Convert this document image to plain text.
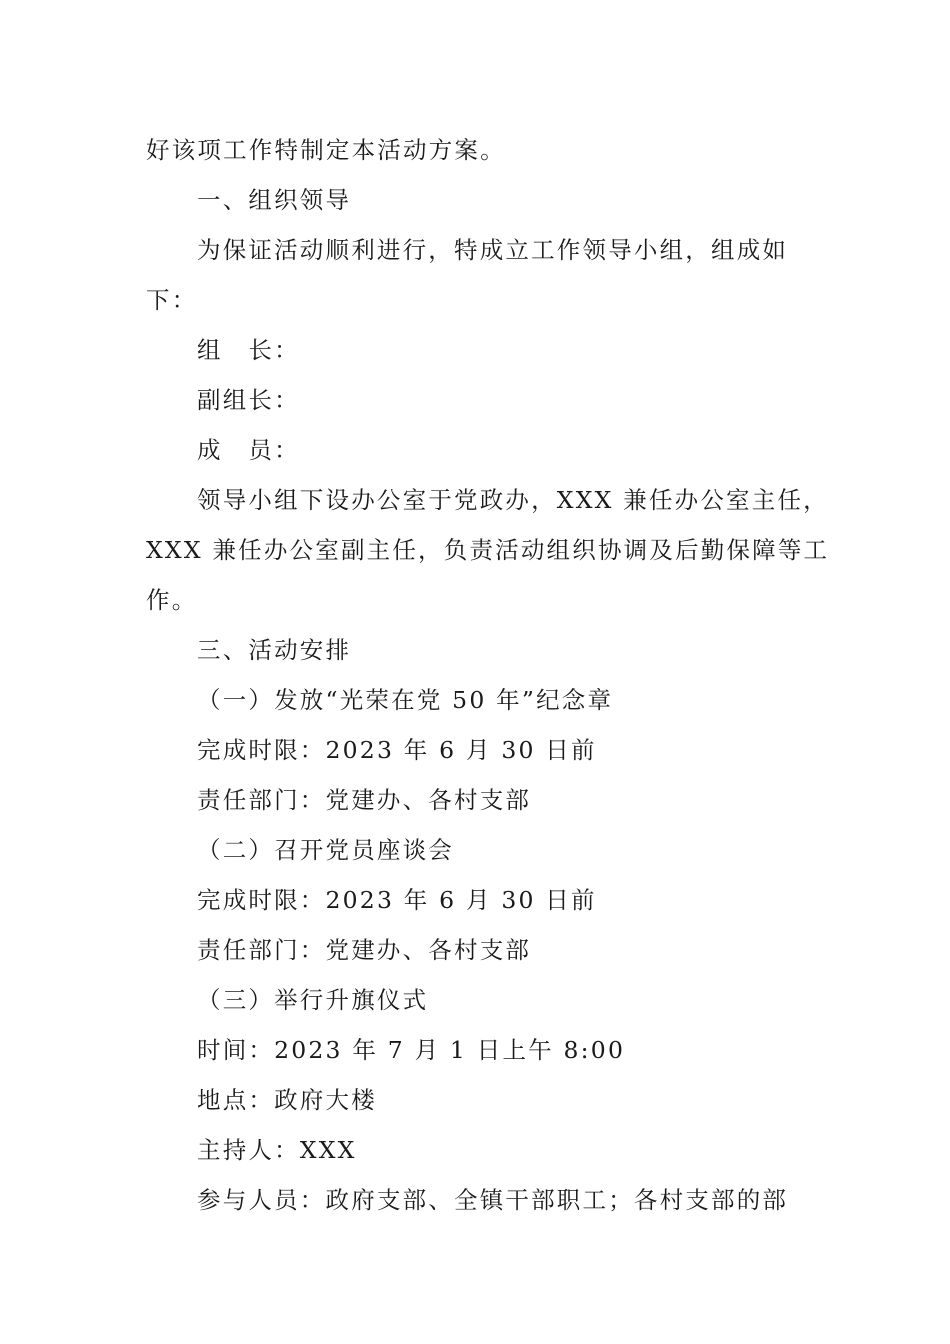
好该项工作特制定本活动方案。
一、组织领导
为保证活动顺利进行，特成立工作领导小组，组成如
下：
组　长：
副组长：
成　员：
领导小组下设办公室于党政办，XXX 兼任办公室主任，
XXX 兼任办公室副主任，负责活动组织协调及后勤保障等工
作。
三、活动安排
（一）发放“光荣在党 50 年”纪念章
完成时限：2023 年 6 月 30 日前
责任部门：党建办、各村支部
（二）召开党员座谈会
完成时限：2023 年 6 月 30 日前
责任部门：党建办、各村支部
（三）举行升旗仪式
时间：2023 年 7 月 1 日上午 8:00
地点：政府大楼
主持人：XXX
参与人员：政府支部、全镇干部职工；各村支部的部
